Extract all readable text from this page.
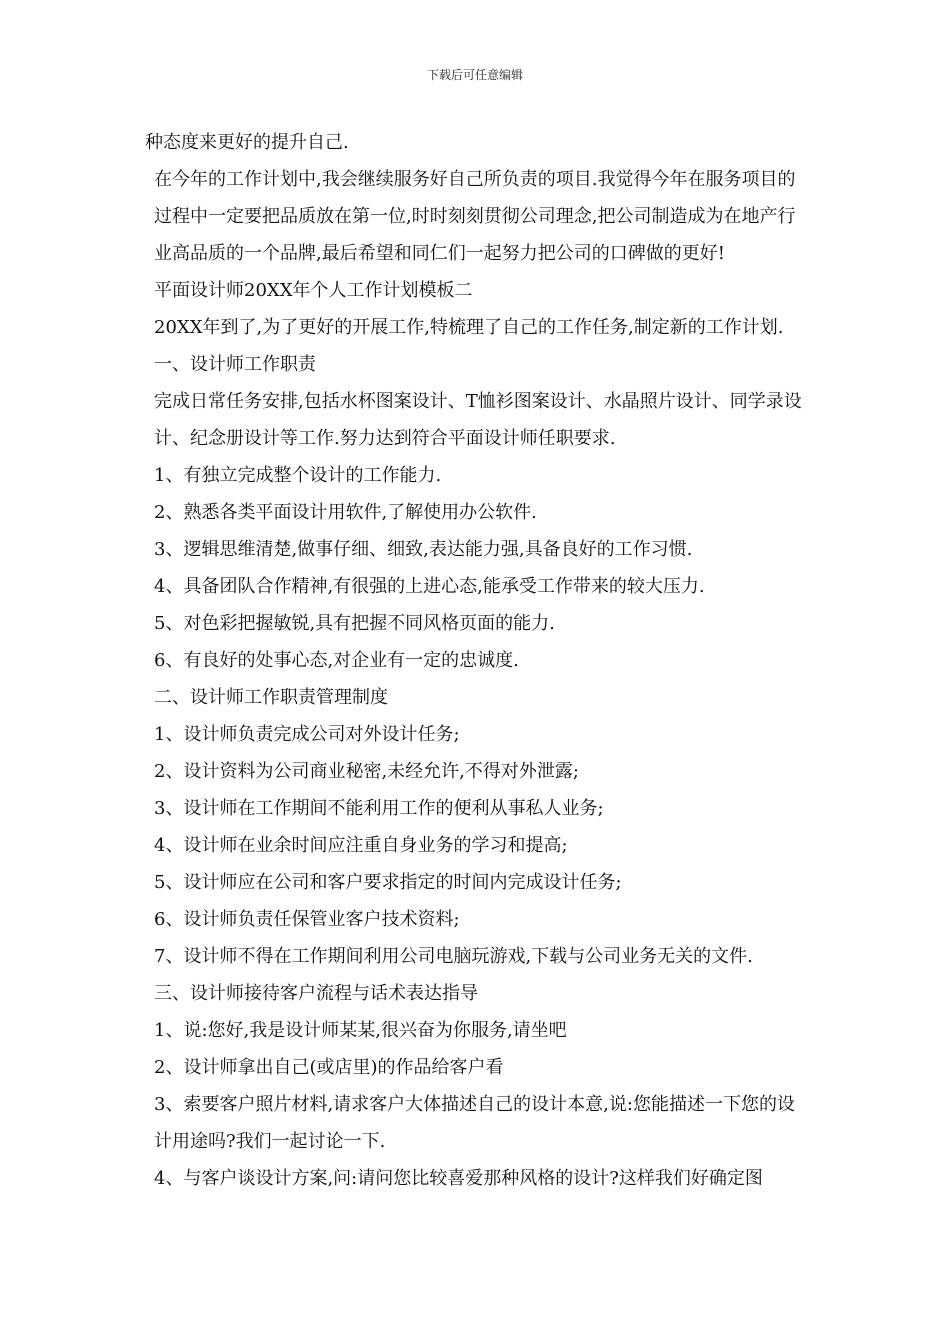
下载后可任意编辑

种态度来更好的提升自己.

在今年的工作计划中,我会继续服务好自己所负责的项目.我觉得今年在服务项目的过程中一定要把品质放在第一位,时时刻刻贯彻公司理念,把公司制造成为在地产行业高品质的一个品牌,最后希望和同仁们一起努力把公司的口碑做的更好!

平面设计师20XX年个人工作计划模板二

20XX年到了,为了更好的开展工作,特梳理了自己的工作任务,制定新的工作计划.

一、设计师工作职责

完成日常任务安排,包括水杯图案设计、T恤衫图案设计、水晶照片设计、同学录设计、纪念册设计等工作.努力达到符合平面设计师任职要求.

1、有独立完成整个设计的工作能力.

2、熟悉各类平面设计用软件,了解使用办公软件.

3、逻辑思维清楚,做事仔细、细致,表达能力强,具备良好的工作习惯.

4、具备团队合作精神,有很强的上进心态,能承受工作带来的较大压力.

5、对色彩把握敏锐,具有把握不同风格页面的能力.

6、有良好的处事心态,对企业有一定的忠诚度.

二、设计师工作职责管理制度

1、设计师负责完成公司对外设计任务;

2、设计资料为公司商业秘密,未经允许,不得对外泄露;

3、设计师在工作期间不能利用工作的便利从事私人业务;

4、设计师在业余时间应注重自身业务的学习和提高;

5、设计师应在公司和客户要求指定的时间内完成设计任务;

6、设计师负责任保管业客户技术资料;

7、设计师不得在工作期间利用公司电脑玩游戏,下载与公司业务无关的文件.

三、设计师接待客户流程与话术表达指导

1、说:您好,我是设计师某某,很兴奋为你服务,请坐吧

2、设计师拿出自己(或店里)的作品给客户看

3、索要客户照片材料,请求客户大体描述自己的设计本意,说:您能描述一下您的设计用途吗?我们一起讨论一下.

4、与客户谈设计方案,问:请问您比较喜爱那种风格的设计?这样我们好确定图
